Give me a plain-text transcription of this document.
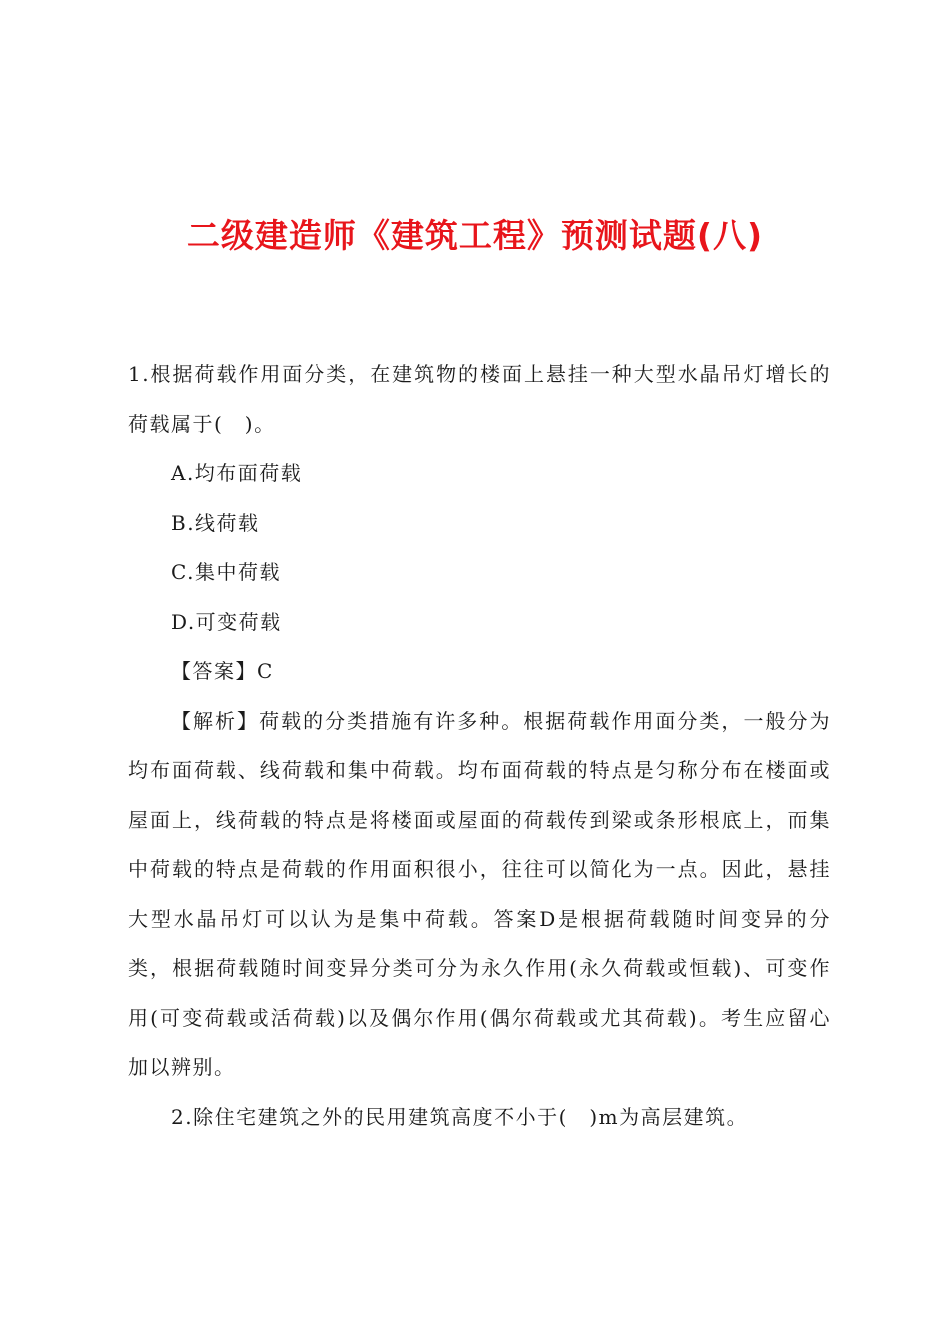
二级建造师《建筑工程》预测试题(八)

1.根据荷载作用面分类，在建筑物的楼面上悬挂一种大型水晶吊灯增长的荷载属于(　)。

A.均布面荷载

B.线荷载

C.集中荷载

D.可变荷载

【答案】C

【解析】荷载的分类措施有许多种。根据荷载作用面分类，一般分为均布面荷载、线荷载和集中荷载。均布面荷载的特点是匀称分布在楼面或屋面上，线荷载的特点是将楼面或屋面的荷载传到梁或条形根底上，而集中荷载的特点是荷载的作用面积很小，往往可以简化为一点。因此，悬挂大型水晶吊灯可以认为是集中荷载。答案D是根据荷载随时间变异的分类，根据荷载随时间变异分类可分为永久作用(永久荷载或恒载)、可变作用(可变荷载或活荷载)以及偶尔作用(偶尔荷载或尤其荷载)。考生应留心加以辨别。

2.除住宅建筑之外的民用建筑高度不小于(　)m为高层建筑。
